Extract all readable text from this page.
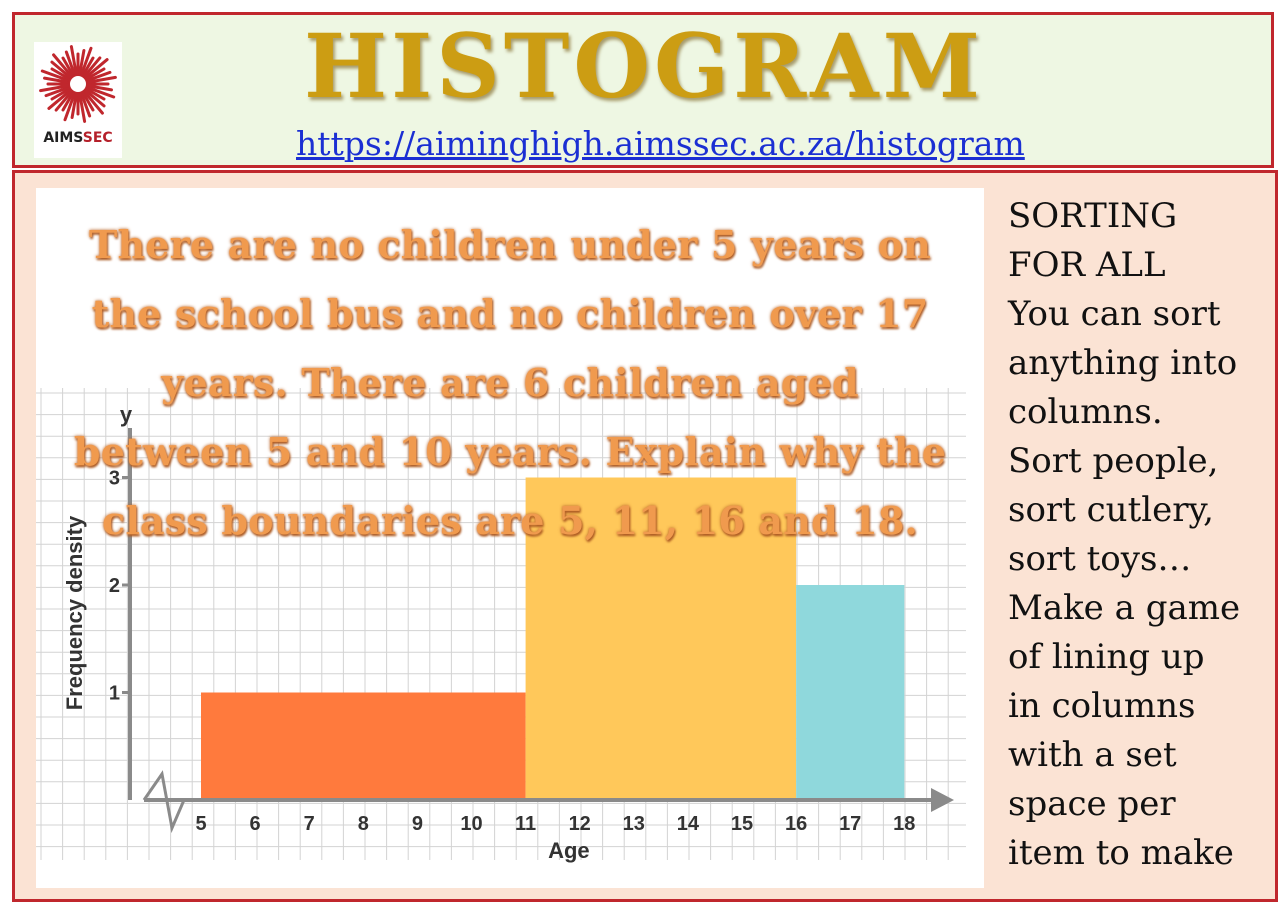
AIMSSEC
HISTOGRAM
https://aiminghigh.aimssec.ac.za/histogram
5 6 7 8 9 10 11 12 13 14 15 16 17 18
1
2
3
Age
Frequency density
y
There are no children under 5 years on
the school bus and no children over 17
years. There are 6 children aged
between 5 and 10 years. Explain why the
class boundaries are 5, 11, 16 and 18.
SORTING
FOR ALL
You can sort
anything into
columns.
Sort people,
sort cutlery,
sort toys…
Make a game
of lining up
in columns
with a set
space per
item to make
